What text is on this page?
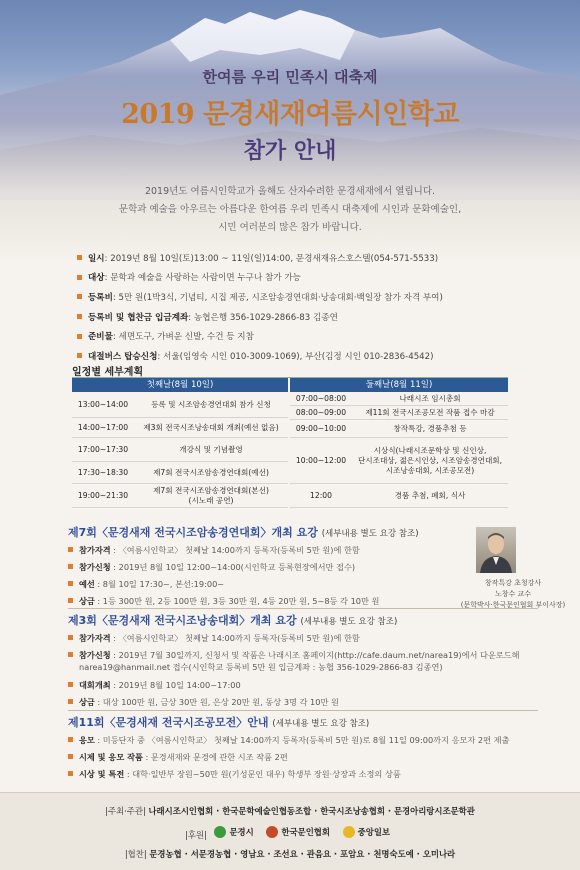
한여름 우리 민족시 대축제
2019 문경새재여름시인학교
참가 안내
2019년도 여름시인학교가 올해도 산자수려한 문경새재에서 열립니다.
문학과 예술을 아우르는 아름다운 한여름 우리 민족시 대축제에 시인과 문화예술인,
시민 여러분의 많은 참가 바랍니다.
일시 : 2019년 8월 10일(토)13:00 ~ 11일(일)14:00, 문경새재유스호스텔(054-571-5533)
대상 : 문학과 예술을 사랑하는 사람이면 누구나 참가 가능
등록비 : 5만 원(1박3식, 기념티, 시집 제공, 시조암송경연대회·낭송대회·백일장 참가 자격 부여)
등록비 및 협찬금 입금계좌 : 농협은행 356-1029-2866-83 김종연
준비물 : 세면도구, 가벼운 신발, 수건 등 지참
대절버스 탑승신청 : 서울(임영숙 시인 010-3009-1069), 부산(김정 시인 010-2836-4542)
일정별 세부계획
첫째날(8월 10일)	둘째날(8월 11일)
13:00~14:00	등록 및 시조암송경연대회 참가 신청
14:00~17:00	제3회 전국시조낭송대회 개최(예선 없음)
17:00~17:30	개강식 및 기념촬영
17:30~18:30	제7회 전국시조암송경연대회(예선)
19:00~21:30
제7회 전국시조암송경연대회(본선)
(시노래 공연)
07:00~08:00	나래시조 임시총회
08:00~09:00	제11회 전국시조공모전 작품 접수 마감
09:00~10:00	창작특강, 경품추첨 등
10:00~12:00
시상식(나래시조문학상 및 신인상,
단시조대상, 젊은시인상, 시조암송경연대회,
시조낭송대회, 시조공모전)
12:00	경품 추첨, 폐회, 식사
제7회〈문경새재 전국시조암송경연대회〉개최 요강 (세부내용 별도 요강 참조)
참가자격 : 〈여름시인학교〉 첫째날 14:00까지 등록자(등록비 5만 원)에 한함
참가신청 : 2019년 8월 10일 12:00~14:00(시인학교 등록현장에서만 접수)
예선 : 8월 10일 17:30~, 본선:19:00~
상금 : 1등 300만 원, 2등 100만 원, 3등 30만 원, 4등 20만 원, 5~8등 각 10만 원
창작특강 초청강사
노창수 교수
(문학박사·한국문인협회 부이사장)
제3회〈문경새재 전국시조낭송대회〉개최 요강 (세부내용 별도 요강 참조)
참가자격 : 〈여름시인학교〉 첫째날 14:00까지 등록자(등록비 5만 원)에 한함
참가신청 : 2019년 7월 30일까지, 신청서 및 작품은 나래시조 홈페이지(http://cafe.daum.net/narea19)에서 다운로드해 narea19@hanmail.net 접수(시인학교 등록비 5만 원 입금계좌 : 농협 356-1029-2866-83 김종연)
대회개최 : 2019년 8월 10일 14:00~17:00
상금 : 대상 100만 원, 금상 30만 원, 은상 20만 원, 동상 3명 각 10만 원
제11회〈문경새재 전국시조공모전〉안내 (세부내용 별도 요강 참조)
응모 : 미등단자 중 〈여름시인학교〉 첫째날 14:00까지 등록자(등록비 5만 원)로 8월 11일 09:00까지 응모자 2편 제출
시제 및 응모 작품 : 문경새재와 문경에 관한 시조 작품 2편
시상 및 특전 : 대학·일반부 장원~50만 원(기성문인 대우) 학생부 장원·상장과 소정의 상품
|주최·주관| 나래시조시인협회 · 한국문학예술인협동조합 · 한국시조낭송협회 · 문경아리랑시조문학관
|후원|	문경시
	한국문인협회
	중앙일보
|협찬| 문경농협 · 서문경농협 · 영남요 · 조선요 · 관음요 · 포암요 · 천명숙도예 · 오미나라
